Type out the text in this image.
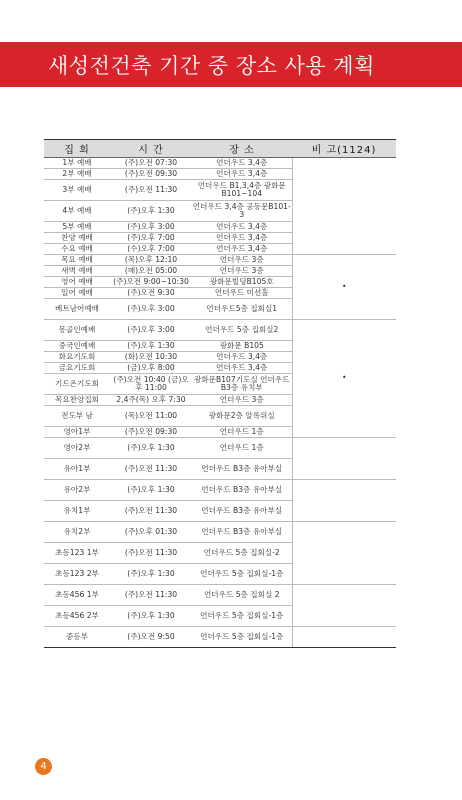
새성전건축 기간 중 장소 사용 계획
집 회	시 간	장 소	비 고(1124)
1부 예배	(주)오전 07:30	언더우드 3,4층	
2부 예배	(주)오전 09:30	언더우드 3,4층	
3부 예배	(주)오전 11:30	언더우드 B1,3,4층 광화문B101~104	
4부 예배	(주)오후 1:30	언더우드 3,4층 공동문B101-3	
5부 예배	(주)오후 3:00	언더우드 3,4층	
찬양 예배	(주)오후 7:00	언더우드 3,4층	
수요 예배	(수)오후 7:00	언더우드 3,4층	
목요 예배	(목)오후 12:10	언더우드 3층	•
새벽 예배	(매)오전 05:00	언더우드 3층	
영어 예배	(주)오전 9:00~10:30	광화문빌딩B105호	
일어 예배	(주)오전 9:30	언더우드 미션홀	
베트남어예배	(주)오후 3:00	언더우드5층 집회실1	
몽골인예배	(주)오후 3:00	언더우드 5층 집회실2	•
중국인예배	(주)오후 1:30	광화문 B105	
화요기도회	(화)오전 10:30	언더우드 3,4층	
금요기도회	(금)오후 8:00	언더우드 3,4층	
기드온기도회	(주)오전 10:40 (금)오후 11:00	광화문B107기도실 언더우드B3층 유치부	
목요찬양집회	2,4주(목) 오후 7:30	언더우드 3층	
전도부 남	(목)오전 11:00	광화문2층 알록위실	
영아1부	(주)오전 09:30	언더우드 1층	
영아2부	(주)오후 1:30	언더우드 1층	
유아1부	(주)오전 11:30	언더우드 B3층 유아부실	
유아2부	(주)오후 1:30	언더우드 B3층 유아부실	
유치1부	(주)오전 11:30	언더우드 B3층 유아부실	
유치2부	(주)오후 01:30	언더우드 B3층 유아부실	
초등123 1부	(주)오전 11:30	언더우드 5층 집회실-2	
초등123 2부	(주)오후 1:30	언더우드 5층 집회실-1층	
초등456 1부	(주)오전 11:30	언더우드 5층 집회실 2	
초등456 2부	(주)오후 1:30	언더우드 5층 집회실-1층	
중등부	(주)오전 9:50	언더우드 5층 집회실-1층	
4
